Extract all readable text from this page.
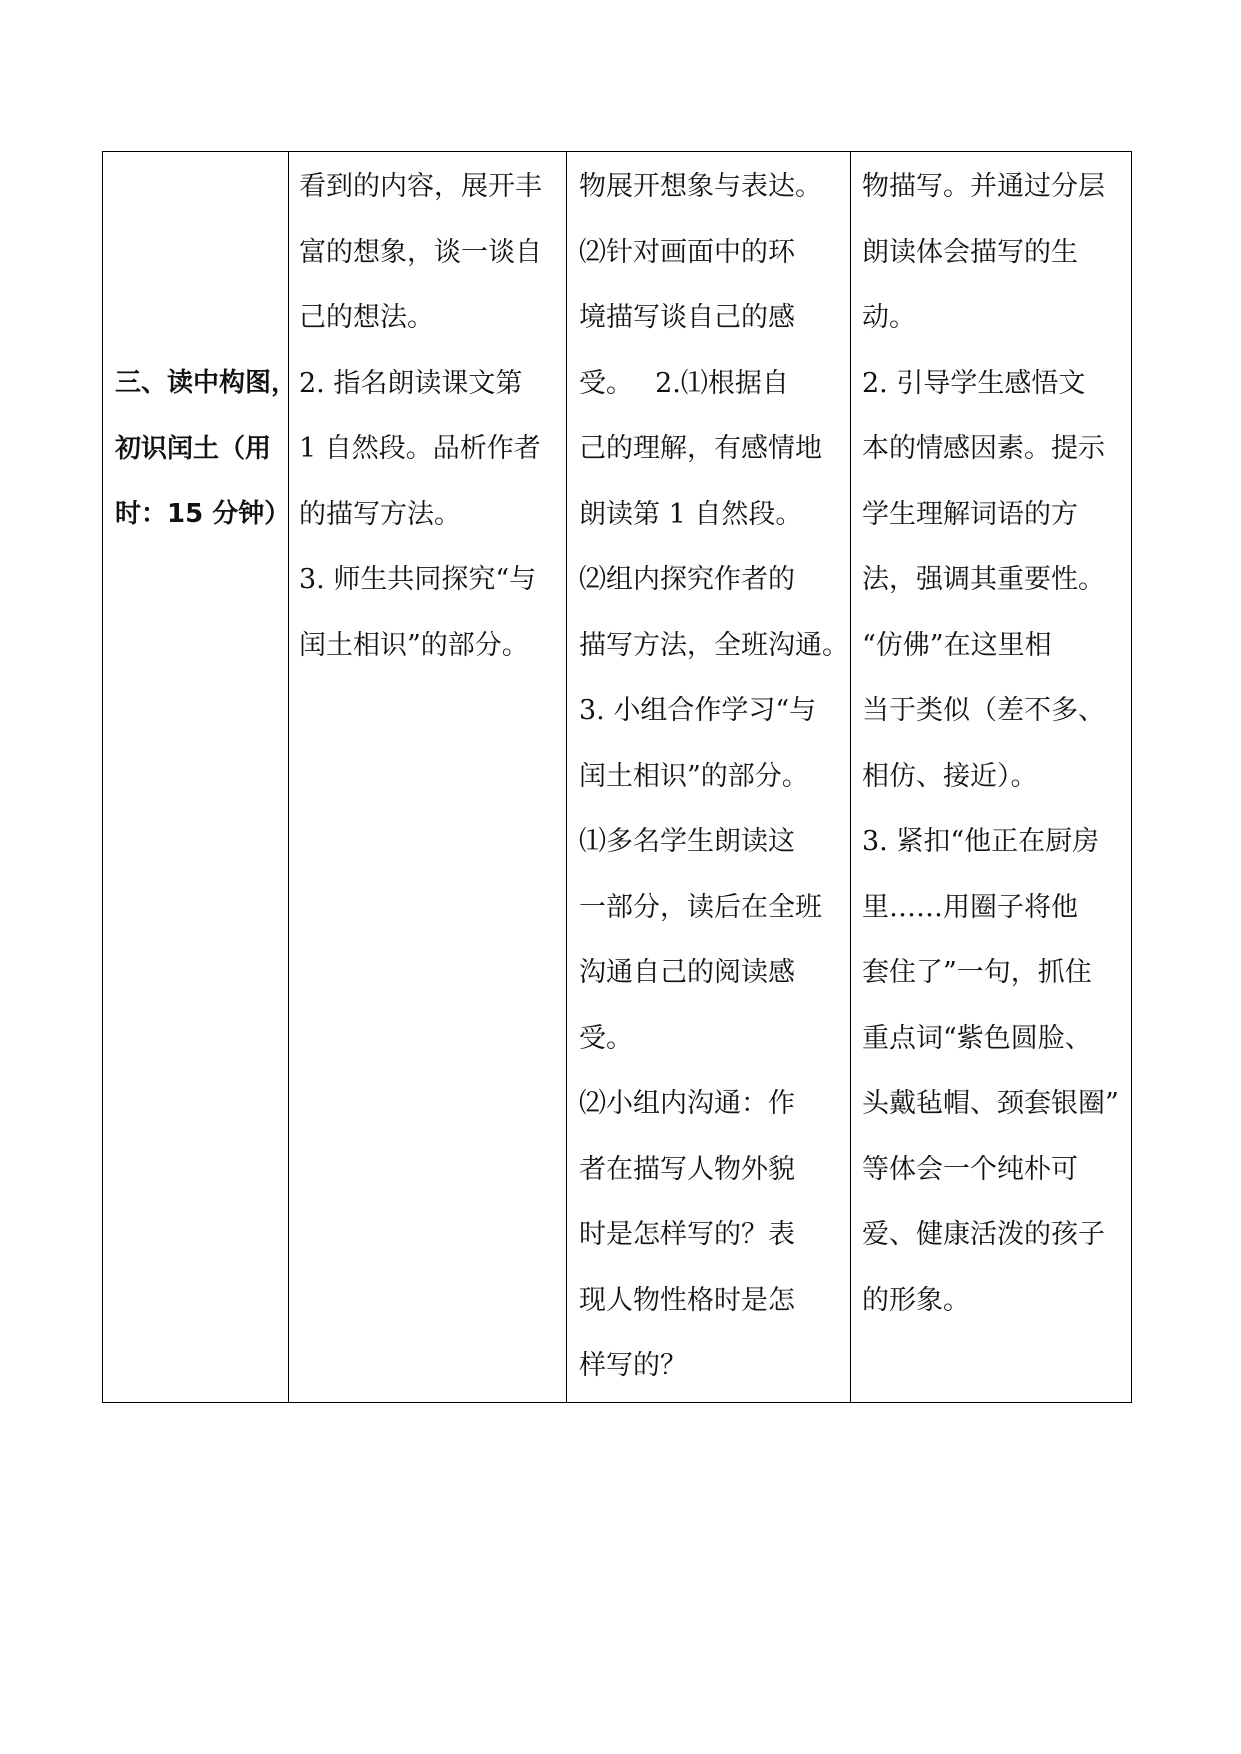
三、读中构图，
初识闰土（用
时：15 分钟）

看到的内容，展开丰
富的想象，谈一谈自
己的想法。
2. 指名朗读课文第
1 自然段。品析作者
的描写方法。
3. 师生共同探究“与
闰土相识”的部分。

物展开想象与表达。
⑵针对画面中的环
境描写谈自己的感
受。　 2.⑴根据自
己的理解，有感情地
朗读第 1 自然段。
⑵组内探究作者的
描写方法，全班沟通。
3. 小组合作学习“与
闰土相识”的部分。
⑴多名学生朗读这
一部分，读后在全班
沟通自己的阅读感
受。
⑵小组内沟通：作
者在描写人物外貌
时是怎样写的？表
现人物性格时是怎
样写的？

物描写。并通过分层
朗读体会描写的生
动。
2. 引导学生感悟文
本的情感因素。提示
学生理解词语的方
法，强调其重要性。
“仿佛”在这里相
当于类似（差不多、
相仿、接近）。
3. 紧扣“他正在厨房
里……用圈子将他
套住了”一句，抓住
重点词“紫色圆脸、
头戴毡帽、颈套银圈”
等体会一个纯朴可
爱、健康活泼的孩子
的形象。
